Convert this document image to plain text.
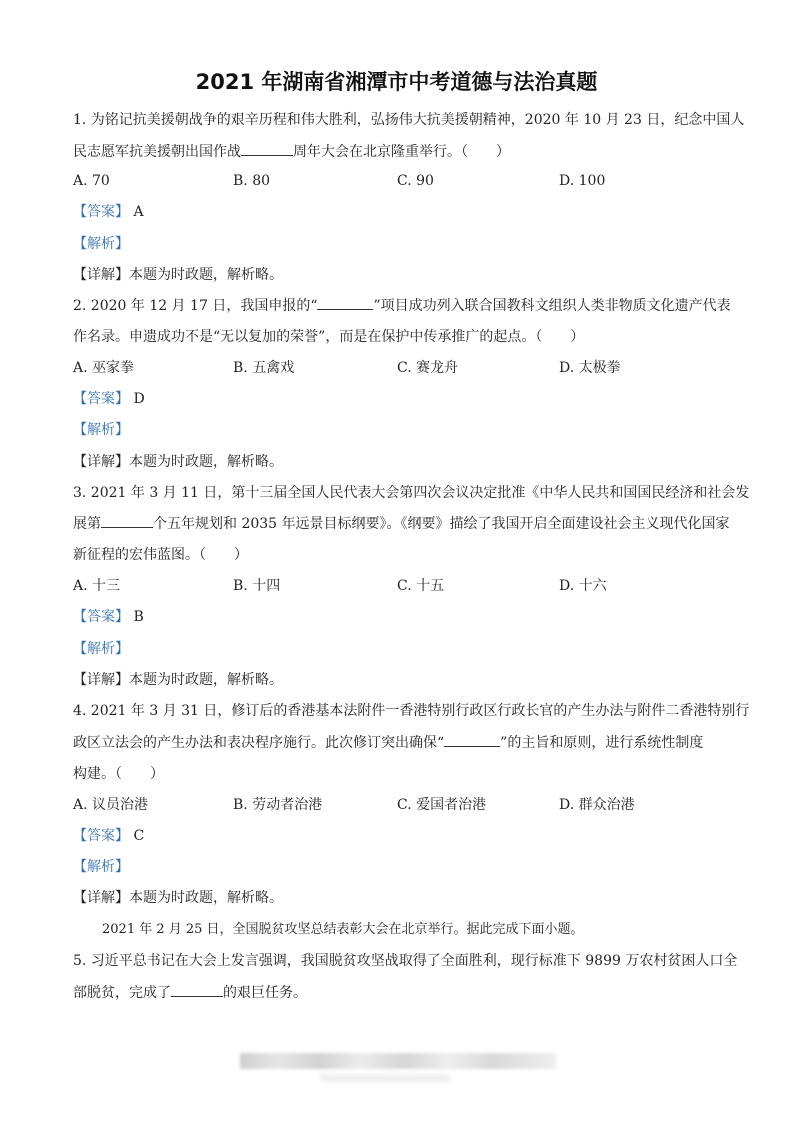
2021 年湖南省湘潭市中考道德与法治真题
1. 为铭记抗美援朝战争的艰辛历程和伟大胜利，弘扬伟大抗美援朝精神，2020 年 10 月 23 日，纪念中国人
民志愿军抗美援朝出国作战	周年大会在北京隆重举行。（　　）
A. 70	B. 80	C. 90	D. 100
【答案】 A
【解析】
【详解】本题为时政题，解析略。
2. 2020 年 12 月 17 日，我国申报的“	”项目成功列入联合国教科文组织人类非物质文化遗产代表
作名录。申遗成功不是“无以复加的荣誉”，而是在保护中传承推广的起点。（　　）
A. 巫家拳	B. 五禽戏	C. 赛龙舟	D. 太极拳
【答案】 D
【解析】
【详解】本题为时政题，解析略。
3. 2021 年 3 月 11 日，第十三届全国人民代表大会第四次会议决定批准《中华人民共和国国民经济和社会发
展第	个五年规划和 2035 年远景目标纲要》。《纲要》描绘了我国开启全面建设社会主义现代化国家
新征程的宏伟蓝图。（　　）
A. 十三	B. 十四	C. 十五	D. 十六
【答案】 B
【解析】
【详解】本题为时政题，解析略。
4. 2021 年 3 月 31 日，修订后的香港基本法附件一香港特别行政区行政长官的产生办法与附件二香港特别行
政区立法会的产生办法和表决程序施行。此次修订突出确保“	”的主旨和原则，进行系统性制度
构建。（　　）
A. 议员治港	B. 劳动者治港	C. 爱国者治港	D. 群众治港
【答案】 C
【解析】
【详解】本题为时政题，解析略。
2021 年 2 月 25 日，全国脱贫攻坚总结表彰大会在北京举行。据此完成下面小题。
5. 习近平总书记在大会上发言强调，我国脱贫攻坚战取得了全面胜利，现行标准下 9899 万农村贫困人口全
部脱贫，完成了	的艰巨任务。
